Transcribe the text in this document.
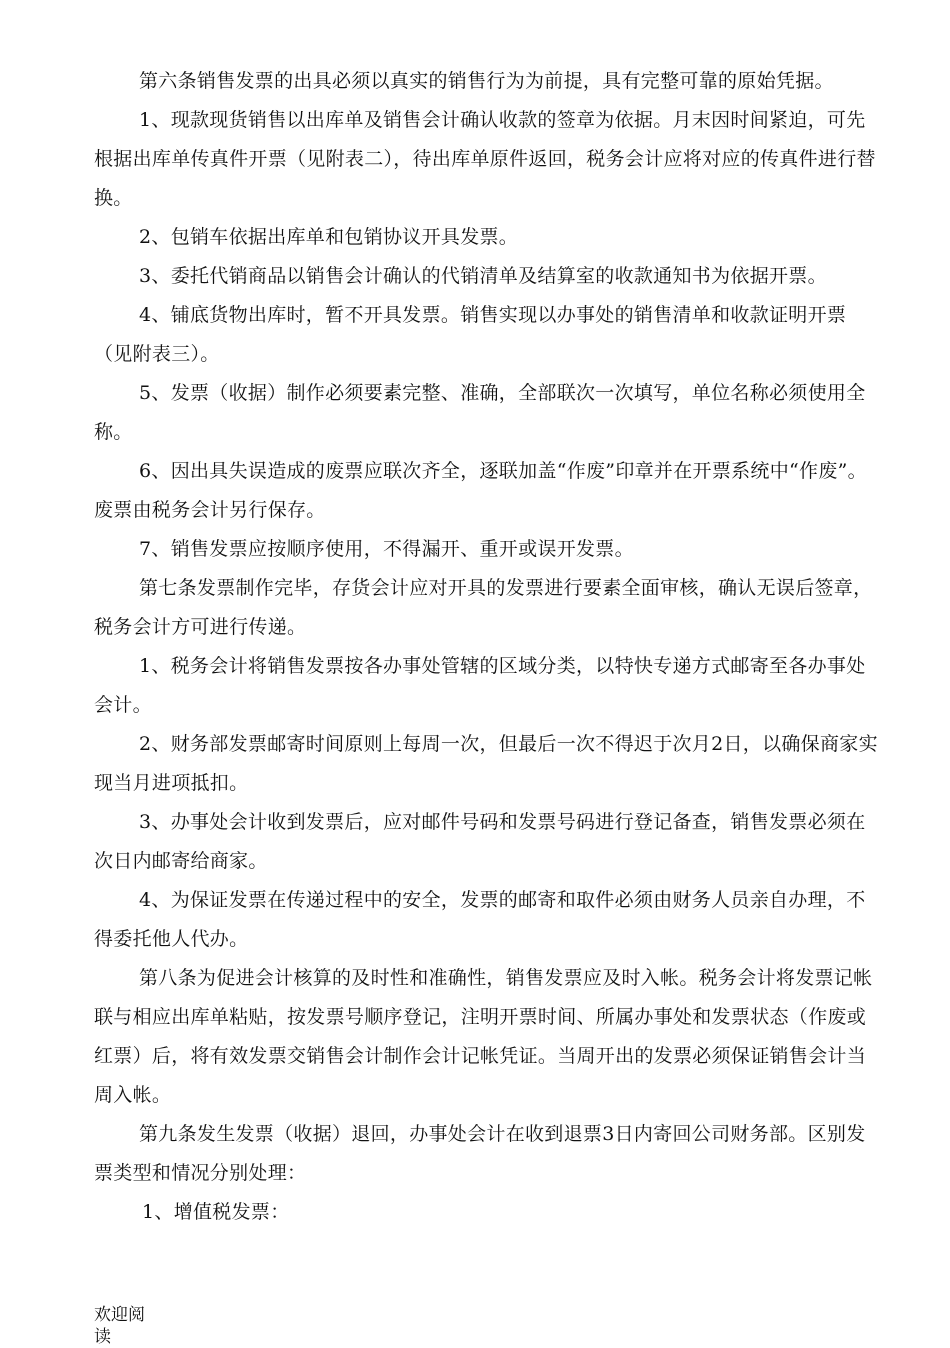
第六条销售发票的出具必须以真实的销售行为为前提，具有完整可靠的原始凭据。

1、现款现货销售以出库单及销售会计确认收款的签章为依据。月末因时间紧迫，可先根据出库单传真件开票（见附表二），待出库单原件返回，税务会计应将对应的传真件进行替换。

2、包销车依据出库单和包销协议开具发票。

3、委托代销商品以销售会计确认的代销清单及结算室的收款通知书为依据开票。

4、铺底货物出库时，暂不开具发票。销售实现以办事处的销售清单和收款证明开票（见附表三）。

5、发票（收据）制作必须要素完整、准确，全部联次一次填写，单位名称必须使用全称。

6、因出具失误造成的废票应联次齐全，逐联加盖“作废”印章并在开票系统中“作废”。废票由税务会计另行保存。

7、销售发票应按顺序使用，不得漏开、重开或误开发票。

第七条发票制作完毕，存货会计应对开具的发票进行要素全面审核，确认无误后签章，税务会计方可进行传递。

1、税务会计将销售发票按各办事处管辖的区域分类，以特快专递方式邮寄至各办事处会计。

2、财务部发票邮寄时间原则上每周一次，但最后一次不得迟于次月2日，以确保商家实现当月进项抵扣。

3、办事处会计收到发票后，应对邮件号码和发票号码进行登记备查，销售发票必须在次日内邮寄给商家。

4、为保证发票在传递过程中的安全，发票的邮寄和取件必须由财务人员亲自办理，不得委托他人代办。

第八条为促进会计核算的及时性和准确性，销售发票应及时入帐。税务会计将发票记帐联与相应出库单粘贴，按发票号顺序登记，注明开票时间、所属办事处和发票状态（作废或红票）后，将有效发票交销售会计制作会计记帐凭证。当周开出的发票必须保证销售会计当周入帐。

第九条发生发票（收据）退回，办事处会计在收到退票3日内寄回公司财务部。区别发票类型和情况分别处理：

1、增值税发票：

欢迎阅读
